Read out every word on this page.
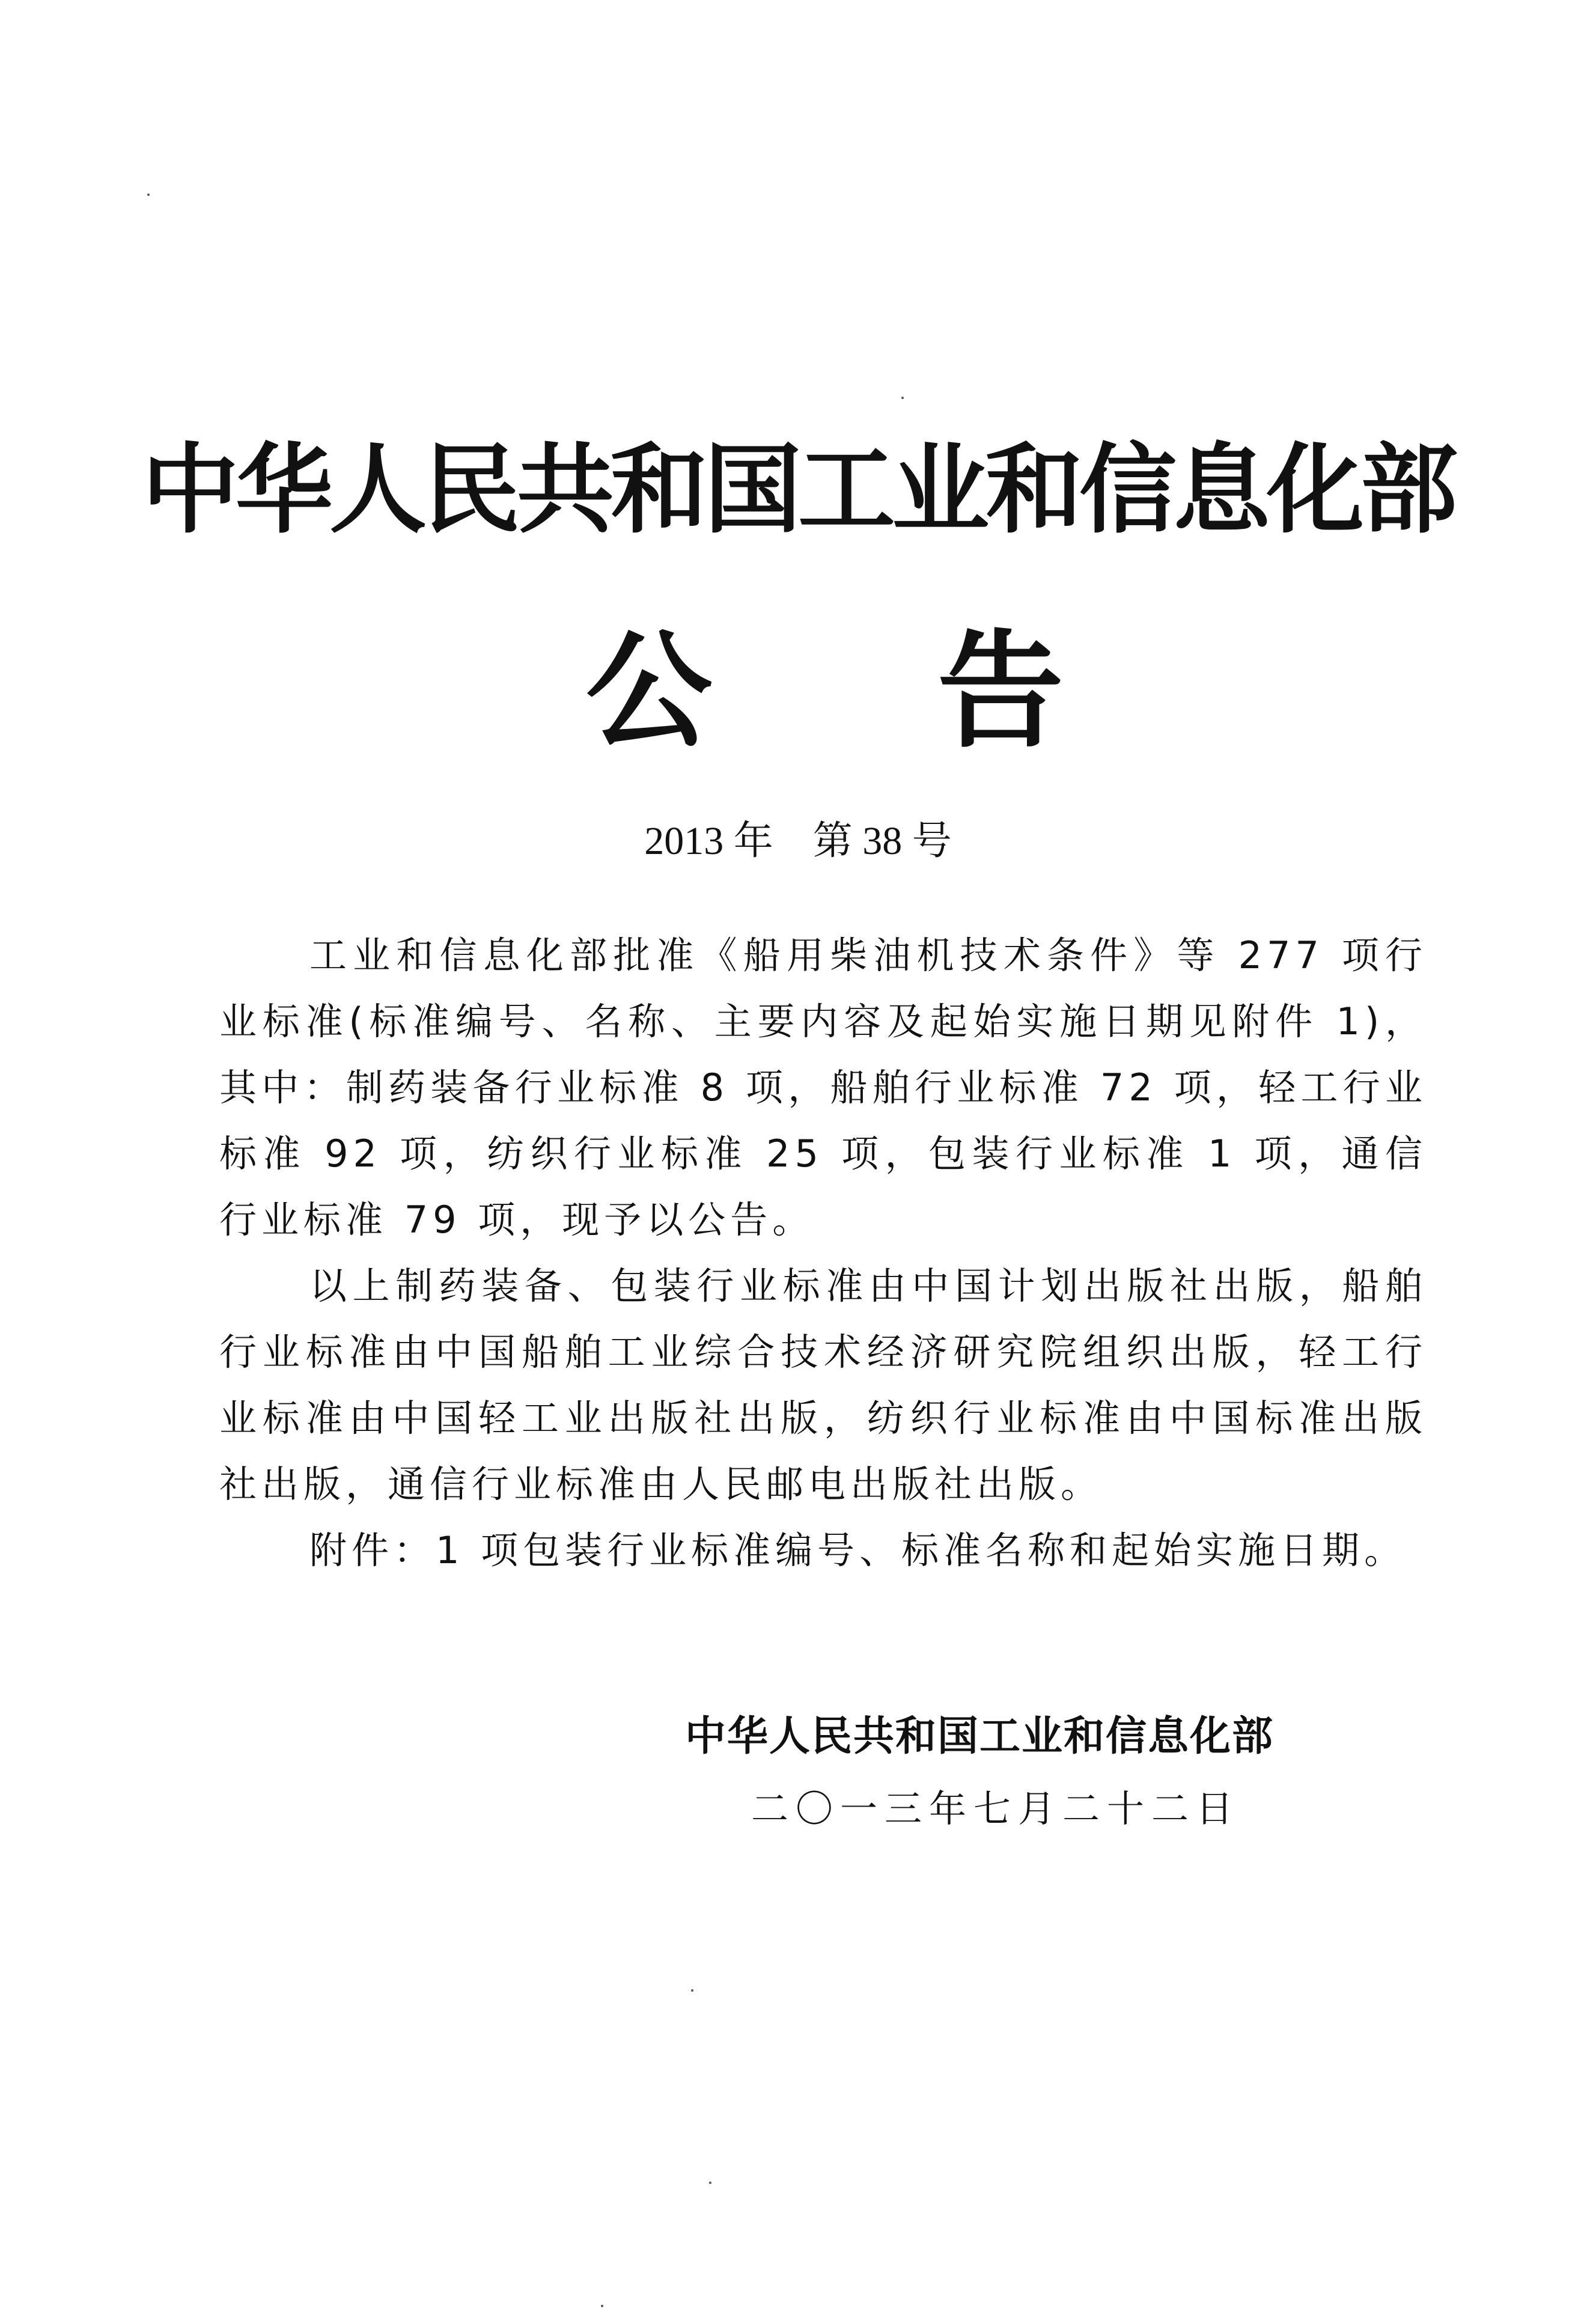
中华人民共和国工业和信息化部
公 告
2013 年　第 38 号

工业和信息化部批准《船用柴油机技术条件》等 277 项行业标准(标准编号、名称、主要内容及起始实施日期见附件 1)，其中：制药装备行业标准 8 项，船舶行业标准 72 项，轻工行业标准 92 项，纺织行业标准 25 项，包装行业标准 1 项，通信行业标准 79 项，现予以公告。

以上制药装备、包装行业标准由中国计划出版社出版，船舶行业标准由中国船舶工业综合技术经济研究院组织出版，轻工行业标准由中国轻工业出版社出版，纺织行业标准由中国标准出版社出版，通信行业标准由人民邮电出版社出版。

附件：1 项包装行业标准编号、标准名称和起始实施日期。

中华人民共和国工业和信息化部
二〇一三年七月二十二日
